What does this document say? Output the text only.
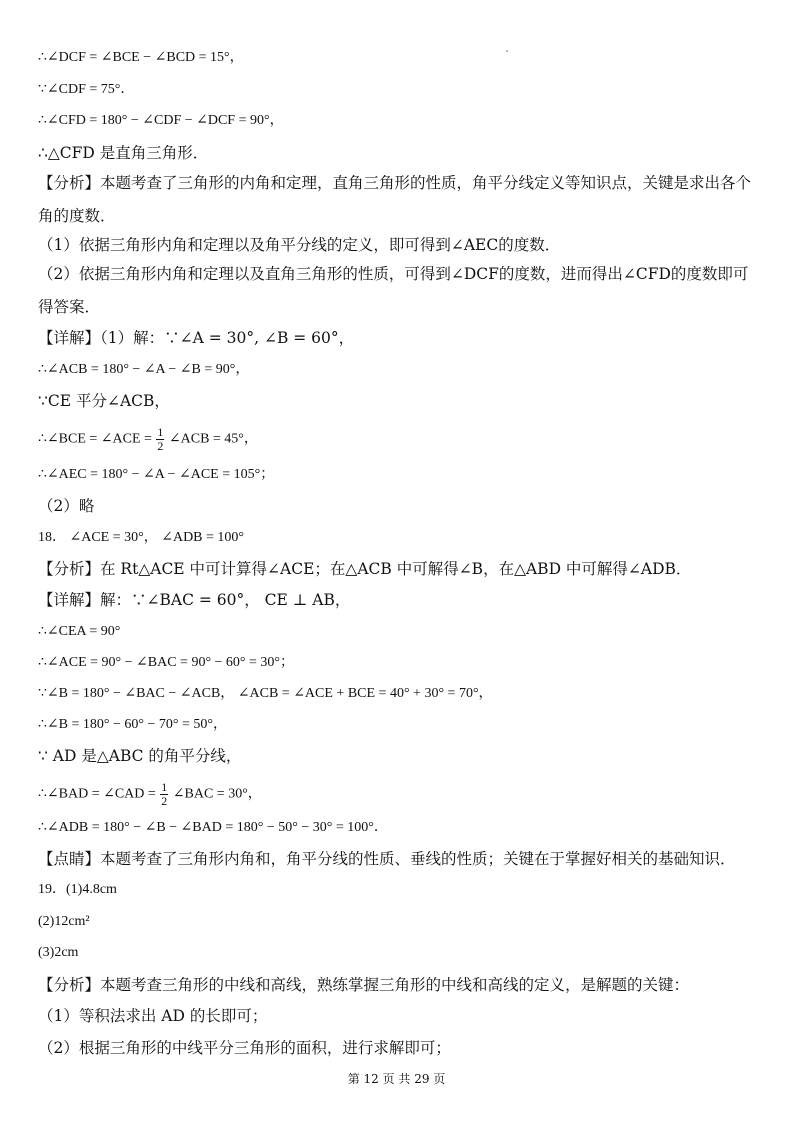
∴∠DCF = ∠BCE − ∠BCD = 15°，
∵∠CDF = 75°．
∴∠CFD = 180° − ∠CDF − ∠DCF = 90°，
∴△CFD 是直角三角形．
【分析】本题考查了三角形的内角和定理，直角三角形的性质，角平分线定义等知识点，关键是求出各个角的度数．
（1）依据三角形内角和定理以及角平分线的定义，即可得到∠AEC的度数．
（2）依据三角形内角和定理以及直角三角形的性质，可得到∠DCF的度数，进而得出∠CFD的度数即可得答案．
【详解】（1）解：∵∠A = 30°, ∠B = 60°，
∴∠ACB = 180° − ∠A − ∠B = 90°，
∵CE 平分∠ACB，
∴∠BCE = ∠ACE = $\frac{1}{2}$ ∠ACB = 45°，
∴∠AEC = 180° − ∠A − ∠ACE = 105°；
（2）略
18． ∠ACE = 30°， ∠ADB = 100°
【分析】在 Rt△ACE 中可计算得∠ACE；在△ACB 中可解得∠B，在△ABD 中可解得∠ADB．
【详解】解：∵∠BAC = 60°， CE ⊥ AB，
∴∠CEA = 90°
∴∠ACE = 90° − ∠BAC = 90° − 60° = 30°；
∵∠B = 180° − ∠BAC − ∠ACB， ∠ACB = ∠ACE + BCE = 40° + 30° = 70°，
∴∠B = 180° − 60° − 70° = 50°，
∵ AD 是△ABC 的角平分线，
∴∠BAD = ∠CAD = $\frac{1}{2}$ ∠BAC = 30°，
∴∠ADB = 180° − ∠B − ∠BAD = 180° − 50° − 30° = 100°．
【点睛】本题考查了三角形内角和，角平分线的性质、垂线的性质；关键在于掌握好相关的基础知识．
19．(1)4.8cm
(2)12cm²
(3)2cm
【分析】本题考查三角形的中线和高线，熟练掌握三角形的中线和高线的定义，是解题的关键：
（1）等积法求出 AD 的长即可；
（2）根据三角形的中线平分三角形的面积，进行求解即可；
第 12 页 共 29 页
